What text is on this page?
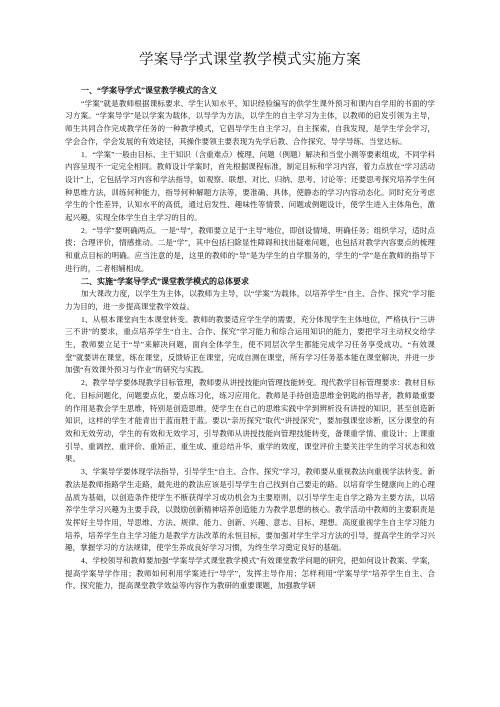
学案导学式课堂教学模式实施方案

一、“学案导学式”课堂教学模式的含义

“学案”就是教师根据课标要求、学生认知水平、知识经验编写的供学生课外预习和课内自学用的书面的学习方案。“学案导学”是以学案为载体，以导学为方法，以学生的自主学习为主体，以教师的启发引领为主导，师生共同合作完成教学任务的一种教学模式，它倡导学生自主学习，自主探索，自我发现，是学生学会学习，学会合作，学会发展的有效途径，其操作要领主要表现为先学后教、合作探究、导学导练、当堂达标。

1．“学案”一般由目标、主干知识（含重难点）梳理、问题（例题）解决和当堂小测等要素组成，不同学科内容呈现不一定完全相同。教师设计学案时，首先根据课程标准，制定目标和学习内容，着力点放在“学习活动设计”上，它包括学习内容和学法指导，如观察、联想、对比、归纳、思考、讨论等；还要思考探究培养学生何种思维方法，训练何种能力，指导何种解题方法等，要准确、具体，使静态的学习内容动态化。同时充分考虑学生的个性差异，认知水平的高低，通过启发性、趣味性等情景、问题或例题设计，使学生进入主体角色，激起兴趣，实现全体学生自主学习的目的。

2．“导学”要明确两点。一是“导”，教师要立足于“主导”地位，即创设情境、明确任务；组织学习，适时点拨；合理评价，情感推动。二是“学”，其中包括扫除显性障碍和找出疑难问题，也包括对教学内容要点的梳理和重点目标的明确。应当注意的是，这里的教师的“导”是为学生的自学服务的，学生的“学”是在教师的指导下进行的，二者相辅相成。

二、实施“学案导学式”课堂教学模式的总体要求

加大课改力度，以学生为主体，以教师为主导，以“学案”为载体，以培养学生“自主、合作、探究”学习能力为目的，进一步提高课堂教学效益。

1、从根本课堂向生本课堂转变。教师的教要适应学生学的需要，充分体现学生主体地位，严格执行“三讲三不讲”的要求，重点培养学生“自主、合作、探究”学习能力和综合运用知识的能力，要把学习主动权交给学生，教师要立足于“导”来解决问题，面向全体学生，使不同层次学生都能完成学习任务享受成功。“有效课堂”就要讲在课堂，练在课堂，反馈矫正在课堂，完成自测在课堂，所有学习任务基本能在课堂解决，并进一步加强“有效课外预习与作业”的研究与实践。

2、教学导学要体现教学目标管理，教师要从讲授技能向管理技能转变。现代教学目标管理要求：教材目标化、目标问题化，问题要点化，要点练习化，练习应用化。教师是手持创造思维金钥匙的指导者，教师最重要的作用是教会学生思维，特别是创造思维，使学生在自己的思维实践中学到辨析没有讲授的知识，甚至创造新知识，这样的学生才能青出于蓝而胜于蓝。要以“亲历探究”取代“讲授深究”，要加强课堂诊断，区分课堂的有效和无效劳动，学生的有效和无效学习，引导教师从讲授技能向管理技能转变，备课重学情、重设计；上课重引导、重调控、重评价、重矫正、重生成、重总结升华、重学的效度，课堂评价主要关注学生的学习状态和效果。

3、学案导学要体现学法指导，引导学生“自主、合作、探究”学习，教师要从重视教法向重视学法转变。新教法是教师指路学生走路，最先进的教法应该是引导学生自己找到自己要走的路。以培育学生健康向上的心理品质为基础，以创造条件使学生不断获得学习成功机会为主要原则，以引导学生走自学之路为主要方法，以培养学生学习兴趣为主要手段，以鼓励创新精神培养创造能力为教学思想的核心。教学活动中教师的主要职责是发挥好主导作用，导思维、方法、规律、能力、创新、兴趣、意志、目标、理想。高度重视学生自主学习能力培养，培养学生自主学习能力是教学方法改革的永恒目标，要加强对学生学习方法的引导，提高学生的学习兴趣，掌握学习的方法规律，使学生养成良好学习习惯，为终生学习奠定良好的基础。

4、学校领导和教师要加强“学案导学式课堂教学模式”有效课堂教学问题的研究，把如何设计教案、学案，提高学案导学作用；教师如何利用学案进行“导学”，发挥主导作用；怎样利用“学案导学”培养学生自主、合作、探究能力，提高课堂教学效益等内容作为教研的重要课题，加强教学研
